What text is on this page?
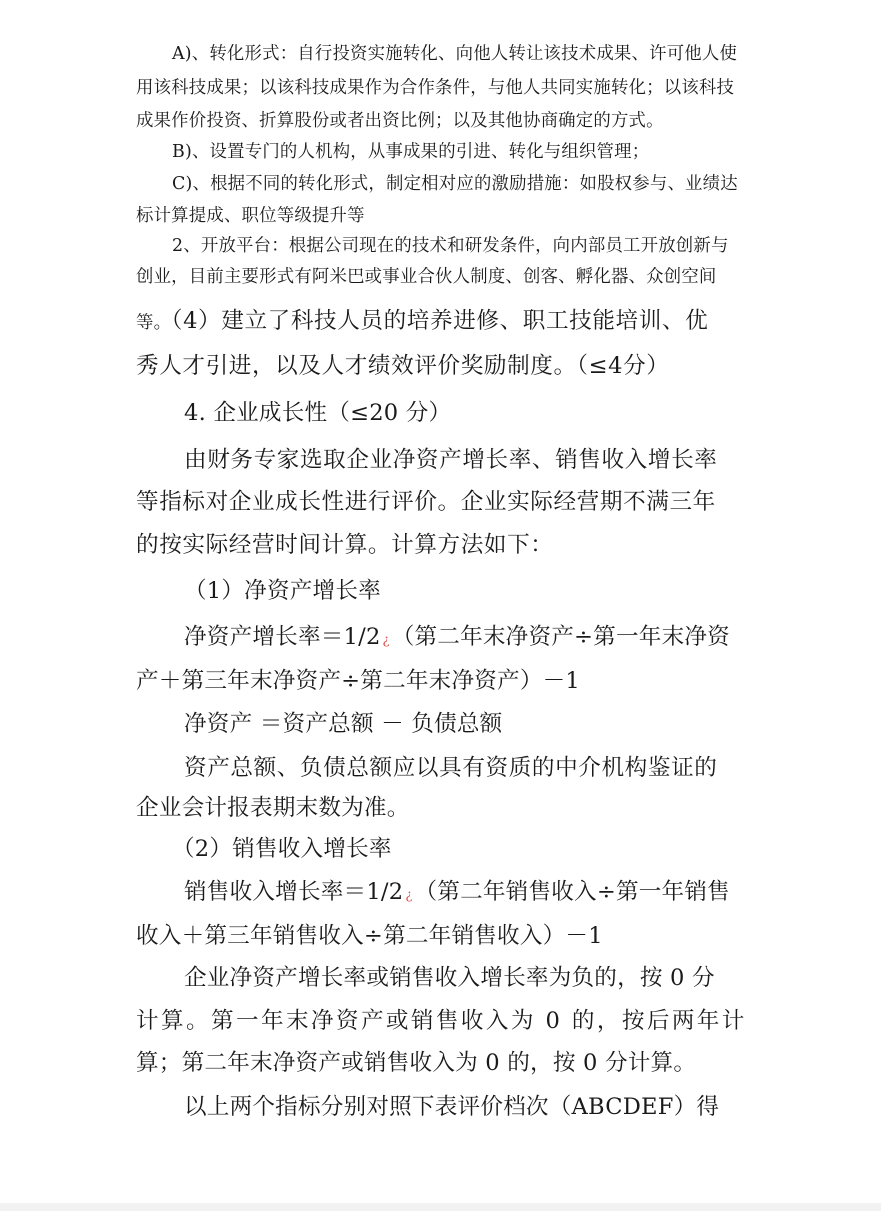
A)、转化形式：自行投资实施转化、向他人转让该技术成果、许可他人使
用该科技成果；以该科技成果作为合作条件，与他人共同实施转化；以该科技
成果作价投资、折算股份或者出资比例；以及其他协商确定的方式。
B)、设置专门的人机构，从事成果的引进、转化与组织管理；
C)、根据不同的转化形式，制定相对应的激励措施：如股权参与、业绩达
标计算提成、职位等级提升等
2、开放平台：根据公司现在的技术和研发条件，向内部员工开放创新与
创业，目前主要形式有阿米巴或事业合伙人制度、创客、孵化器、众创空间
等。（4）建立了科技人员的培养进修、职工技能培训、优
秀人才引进，以及人才绩效评价奖励制度。（≤4分）
4. 企业成长性（≤20 分）
由财务专家选取企业净资产增长率、销售收入增长率
等指标对企业成长性进行评价。企业实际经营期不满三年
的按实际经营时间计算。计算方法如下：
（1）净资产增长率
净资产增长率＝1/2 ¿（第二年末净资产÷第一年末净资
产＋第三年末净资产÷第二年末净资产）－1
净资产 ＝资产总额 － 负债总额
资产总额、负债总额应以具有资质的中介机构鉴证的
企业会计报表期末数为准。
（2）销售收入增长率
销售收入增长率＝1/2 ¿（第二年销售收入÷第一年销售
收入＋第三年销售收入÷第二年销售收入）－1
企业净资产增长率或销售收入增长率为负的，按 0 分
计算。第一年末净资产或销售收入为 0 的，按后两年计
算；第二年末净资产或销售收入为 0 的，按 0 分计算。
以上两个指标分别对照下表评价档次（ABCDEF）得
